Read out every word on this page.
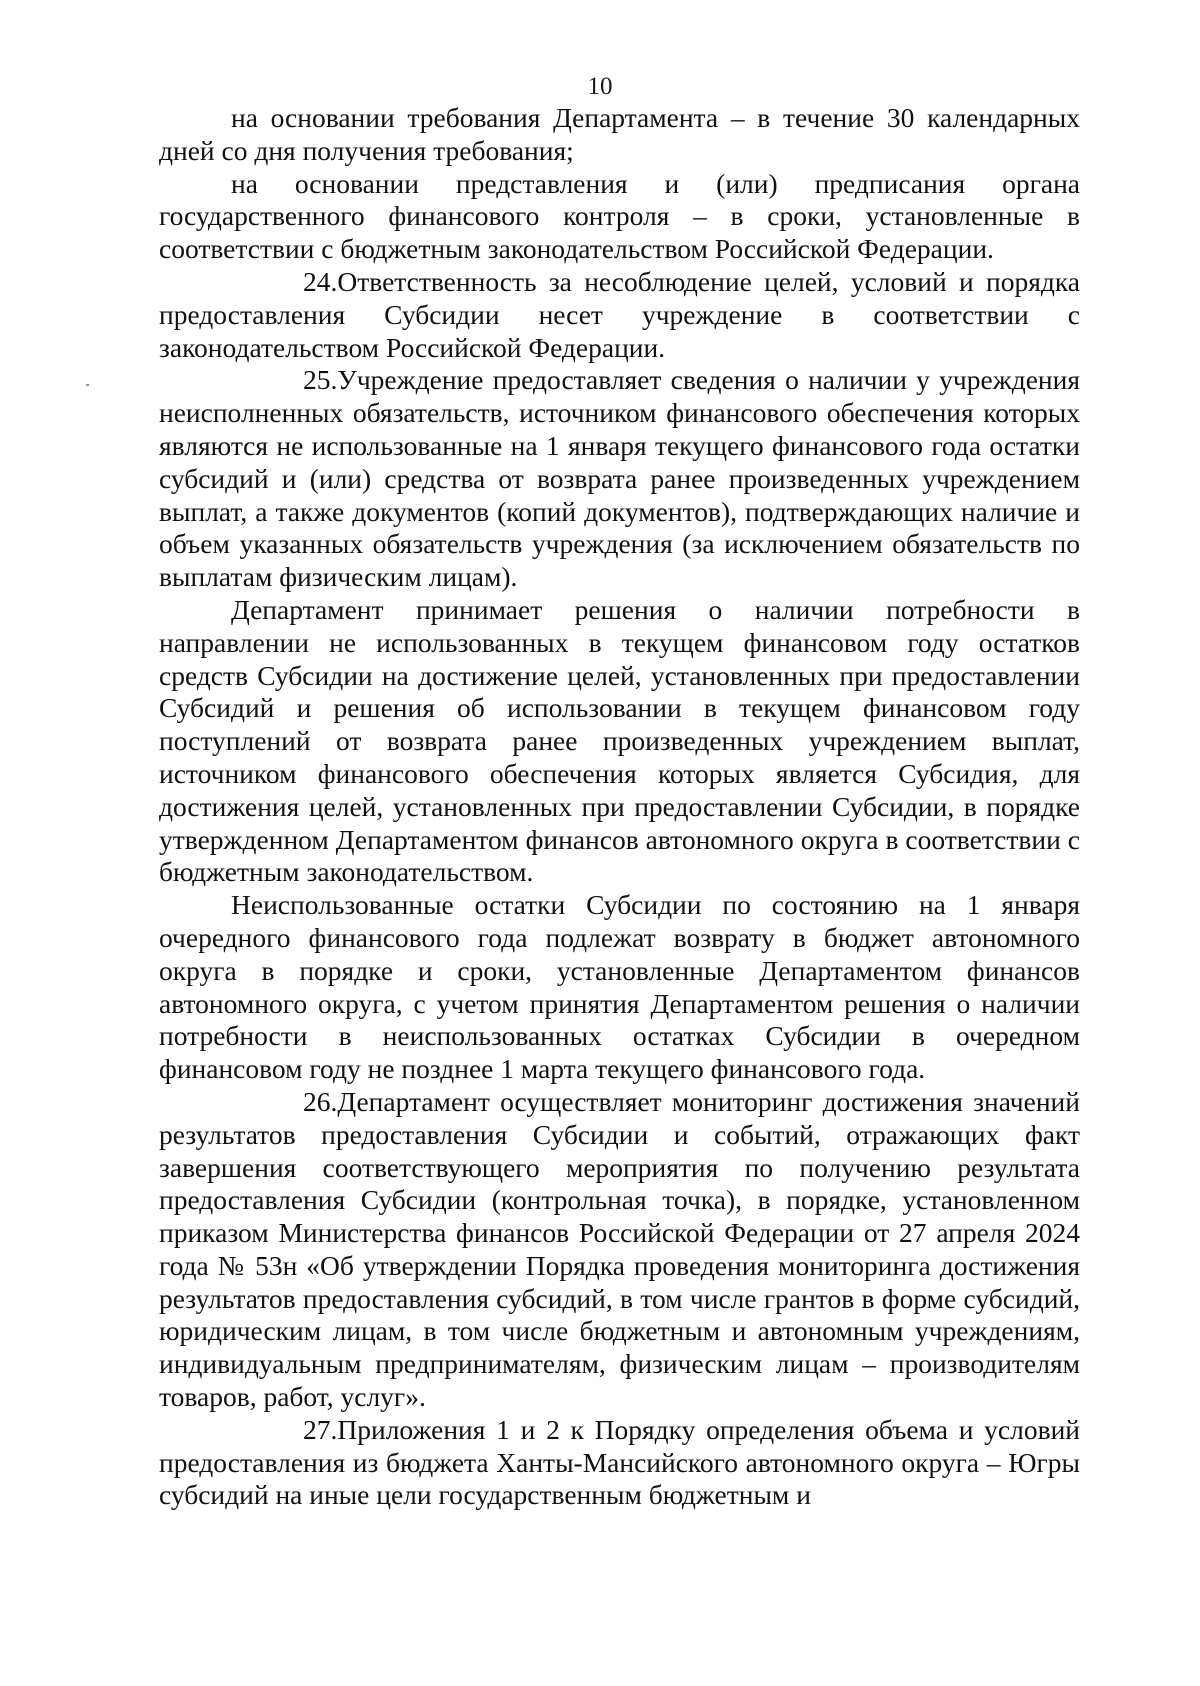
10

на основании требования Департамента – в течение 30 календарных дней со дня получения требования;

на основании представления и (или) предписания органа государственного финансового контроля – в сроки, установленные в соответствии с бюджетным законодательством Российской Федерации.

24.Ответственность за несоблюдение целей, условий и порядка предоставления Субсидии несет учреждение в соответствии с законодательством Российской Федерации.

25.Учреждение предоставляет сведения о наличии у учреждения неисполненных обязательств, источником финансового обеспечения которых являются не использованные на 1 января текущего финансового года остатки субсидий и (или) средства от возврата ранее произведенных учреждением выплат, а также документов (копий документов), подтверждающих наличие и объем указанных обязательств учреждения (за исключением обязательств по выплатам физическим лицам).

Департамент принимает решения о наличии потребности в направлении не использованных в текущем финансовом году остатков средств Субсидии на достижение целей, установленных при предоставлении Субсидий и решения об использовании в текущем финансовом году поступлений от возврата ранее произведенных учреждением выплат, источником финансового обеспечения которых является Субсидия, для достижения целей, установленных при предоставлении Субсидии, в порядке утвержденном Департаментом финансов автономного округа в соответствии с бюджетным законодательством.

Неиспользованные остатки Субсидии по состоянию на 1 января очередного финансового года подлежат возврату в бюджет автономного округа в порядке и сроки, установленные Департаментом финансов автономного округа, с учетом принятия Департаментом решения о наличии потребности в неиспользованных остатках Субсидии в очередном финансовом году не позднее 1 марта текущего финансового года.

26.Департамент осуществляет мониторинг достижения значений результатов предоставления Субсидии и событий, отражающих факт завершения соответствующего мероприятия по получению результата предоставления Субсидии (контрольная точка), в порядке, установленном приказом Министерства финансов Российской Федерации от 27 апреля 2024 года № 53н «Об утверждении Порядка проведения мониторинга достижения результатов предоставления субсидий, в том числе грантов в форме субсидий, юридическим лицам, в том числе бюджетным и автономным учреждениям, индивидуальным предпринимателям, физическим лицам – производителям товаров, работ, услуг».

27.Приложения 1 и 2 к Порядку определения объема и условий предоставления из бюджета Ханты-Мансийского автономного округа – Югры субсидий на иные цели государственным бюджетным и
